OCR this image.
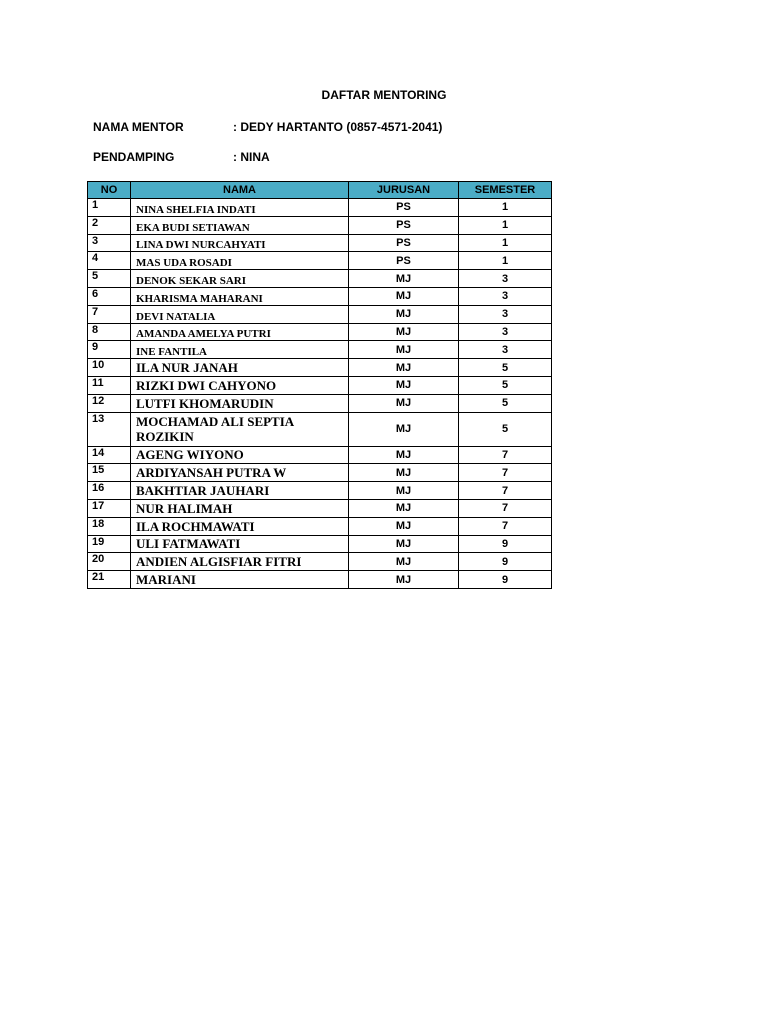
DAFTAR MENTORING
NAMA MENTOR	: DEDY HARTANTO (0857-4571-2041)
PENDAMPING	: NINA
NO	NAMA	JURUSAN	SEMESTER
1	NINA SHELFIA INDATI	PS	1
2	EKA BUDI SETIAWAN	PS	1
3	LINA DWI NURCAHYATI	PS	1
4	MAS UDA ROSADI	PS	1
5	DENOK SEKAR SARI	MJ	3
6	KHARISMA MAHARANI	MJ	3
7	DEVI NATALIA	MJ	3
8	AMANDA AMELYA PUTRI	MJ	3
9	INE FANTILA	MJ	3
10	ILA NUR JANAH	MJ	5
11	RIZKI DWI CAHYONO	MJ	5
12	LUTFI KHOMARUDIN	MJ	5
13	MOCHAMAD ALI SEPTIA ROZIKIN	MJ	5
14	AGENG WIYONO	MJ	7
15	ARDIYANSAH PUTRA W	MJ	7
16	BAKHTIAR JAUHARI	MJ	7
17	NUR HALIMAH	MJ	7
18	ILA ROCHMAWATI	MJ	7
19	ULI FATMAWATI	MJ	9
20	ANDIEN ALGISFIAR FITRI	MJ	9
21	MARIANI	MJ	9
